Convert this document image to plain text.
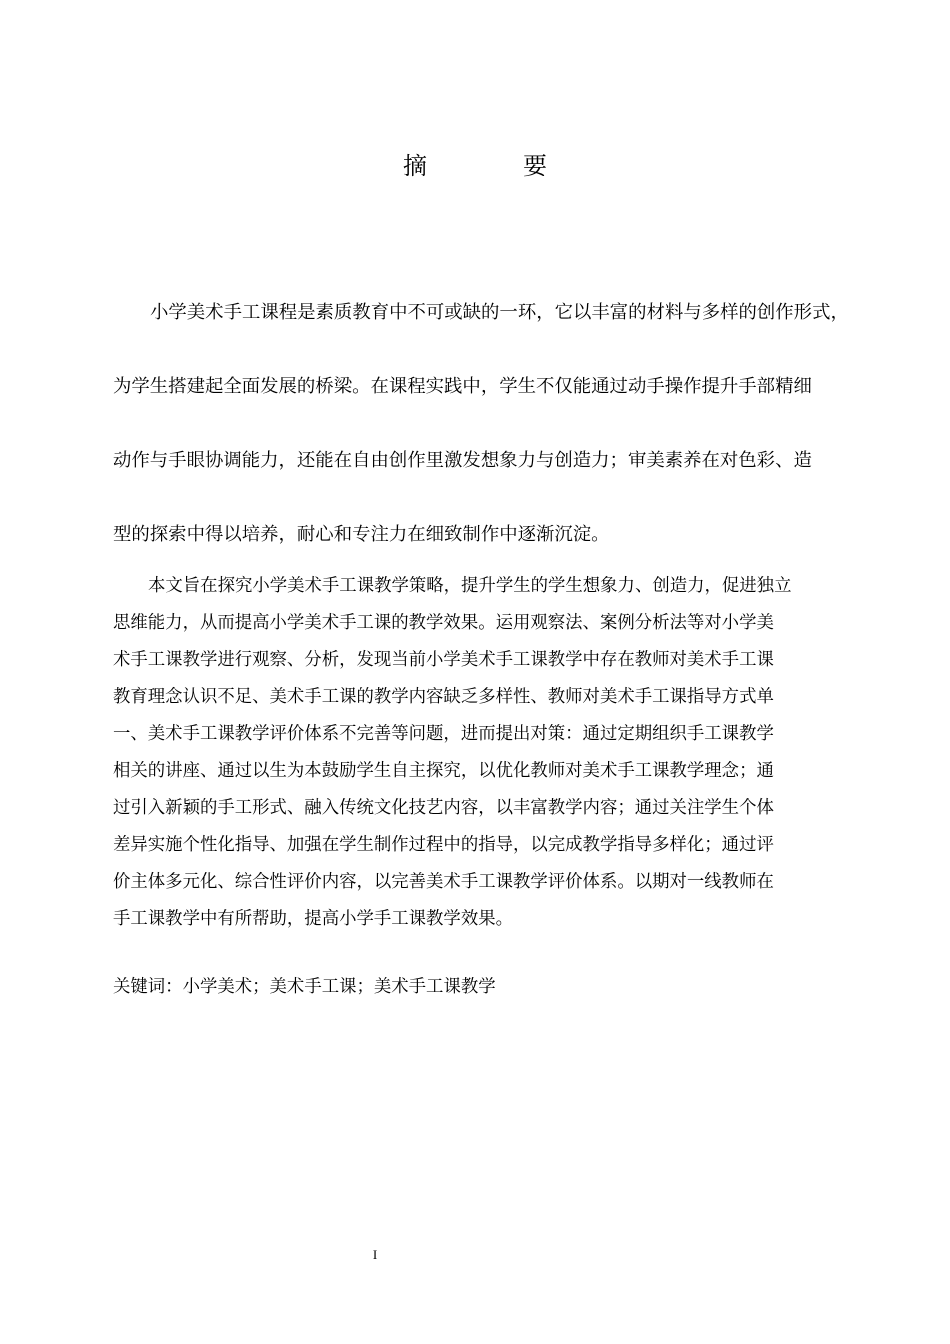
摘　要
小学美术手工课程是素质教育中不可或缺的一环，它以丰富的材料与多样的创作形式，
为学生搭建起全面发展的桥梁。在课程实践中，学生不仅能通过动手操作提升手部精细
动作与手眼协调能力，还能在自由创作里激发想象力与创造力；审美素养在对色彩、造
型的探索中得以培养，耐心和专注力在细致制作中逐渐沉淀。
本文旨在探究小学美术手工课教学策略，提升学生的学生想象力、创造力，促进独立
思维能力，从而提高小学美术手工课的教学效果。运用观察法、案例分析法等对小学美
术手工课教学进行观察、分析，发现当前小学美术手工课教学中存在教师对美术手工课
教育理念认识不足、美术手工课的教学内容缺乏多样性、教师对美术手工课指导方式单
一、美术手工课教学评价体系不完善等问题，进而提出对策：通过定期组织手工课教学
相关的讲座、通过以生为本鼓励学生自主探究，以优化教师对美术手工课教学理念；通
过引入新颖的手工形式、融入传统文化技艺内容，以丰富教学内容；通过关注学生个体
差异实施个性化指导、加强在学生制作过程中的指导，以完成教学指导多样化；通过评
价主体多元化、综合性评价内容，以完善美术手工课教学评价体系。以期对一线教师在
手工课教学中有所帮助，提高小学手工课教学效果。
关键词：小学美术；美术手工课；美术手工课教学
I
